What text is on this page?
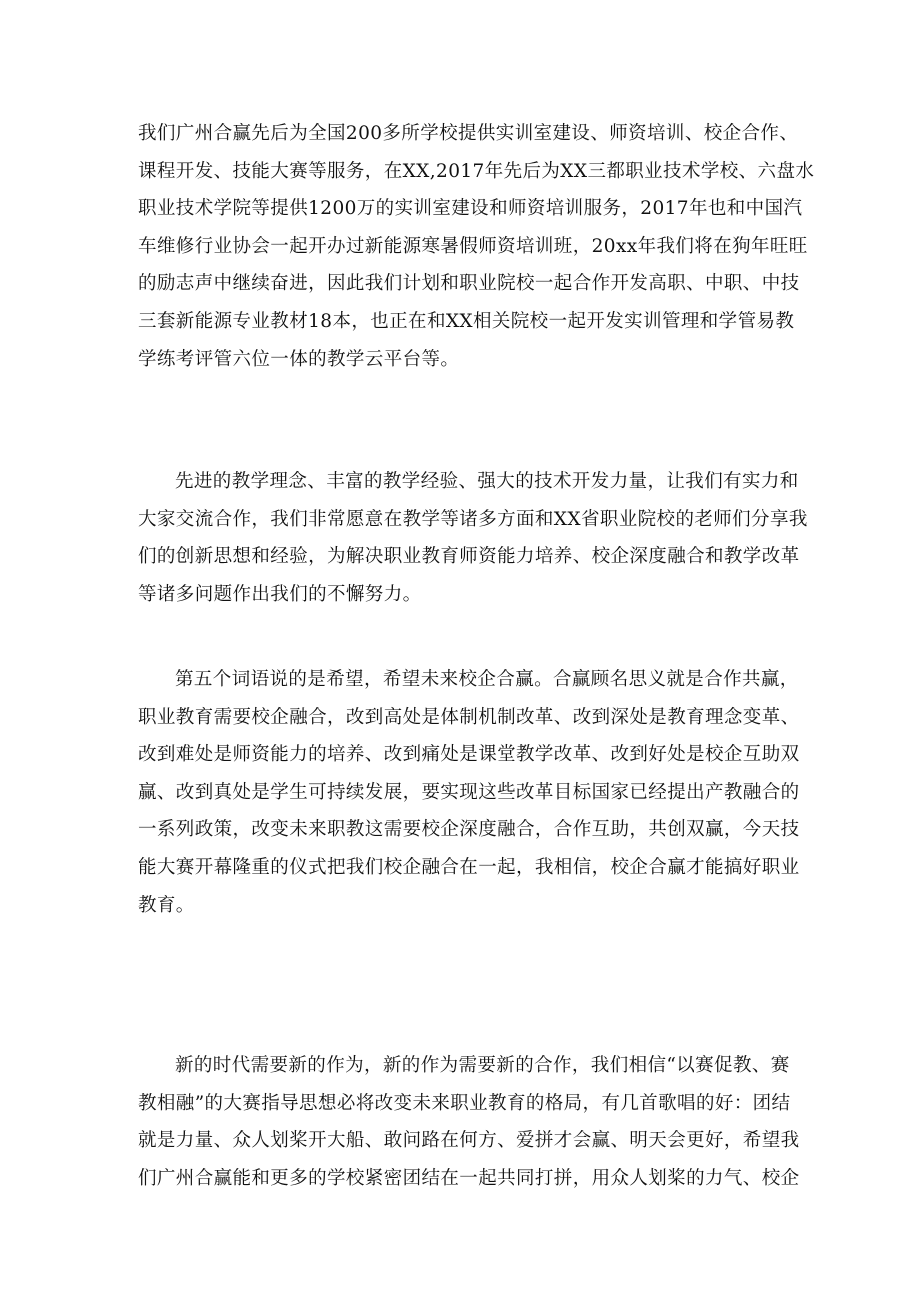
我们广州合赢先后为全国200多所学校提供实训室建设、师资培训、校企合作、
课程开发、技能大赛等服务，在XX,2017年先后为XX三都职业技术学校、六盘水
职业技术学院等提供1200万的实训室建设和师资培训服务，2017年也和中国汽
车维修行业协会一起开办过新能源寒暑假师资培训班，20xx年我们将在狗年旺旺
的励志声中继续奋进，因此我们计划和职业院校一起合作开发高职、中职、中技
三套新能源专业教材18本，也正在和XX相关院校一起开发实训管理和学管易教
学练考评管六位一体的教学云平台等。

先进的教学理念、丰富的教学经验、强大的技术开发力量，让我们有实力和
大家交流合作，我们非常愿意在教学等诸多方面和XX省职业院校的老师们分享我
们的创新思想和经验，为解决职业教育师资能力培养、校企深度融合和教学改革
等诸多问题作出我们的不懈努力。

第五个词语说的是希望，希望未来校企合赢。合赢顾名思义就是合作共赢，
职业教育需要校企融合，改到高处是体制机制改革、改到深处是教育理念变革、
改到难处是师资能力的培养、改到痛处是课堂教学改革、改到好处是校企互助双
赢、改到真处是学生可持续发展，要实现这些改革目标国家已经提出产教融合的
一系列政策，改变未来职教这需要校企深度融合，合作互助，共创双赢，今天技
能大赛开幕隆重的仪式把我们校企融合在一起，我相信，校企合赢才能搞好职业
教育。

新的时代需要新的作为，新的作为需要新的合作，我们相信“以赛促教、赛
教相融”的大赛指导思想必将改变未来职业教育的格局，有几首歌唱的好：团结
就是力量、众人划桨开大船、敢问路在何方、爱拼才会赢、明天会更好，希望我
们广州合赢能和更多的学校紧密团结在一起共同打拼，用众人划桨的力气、校企
